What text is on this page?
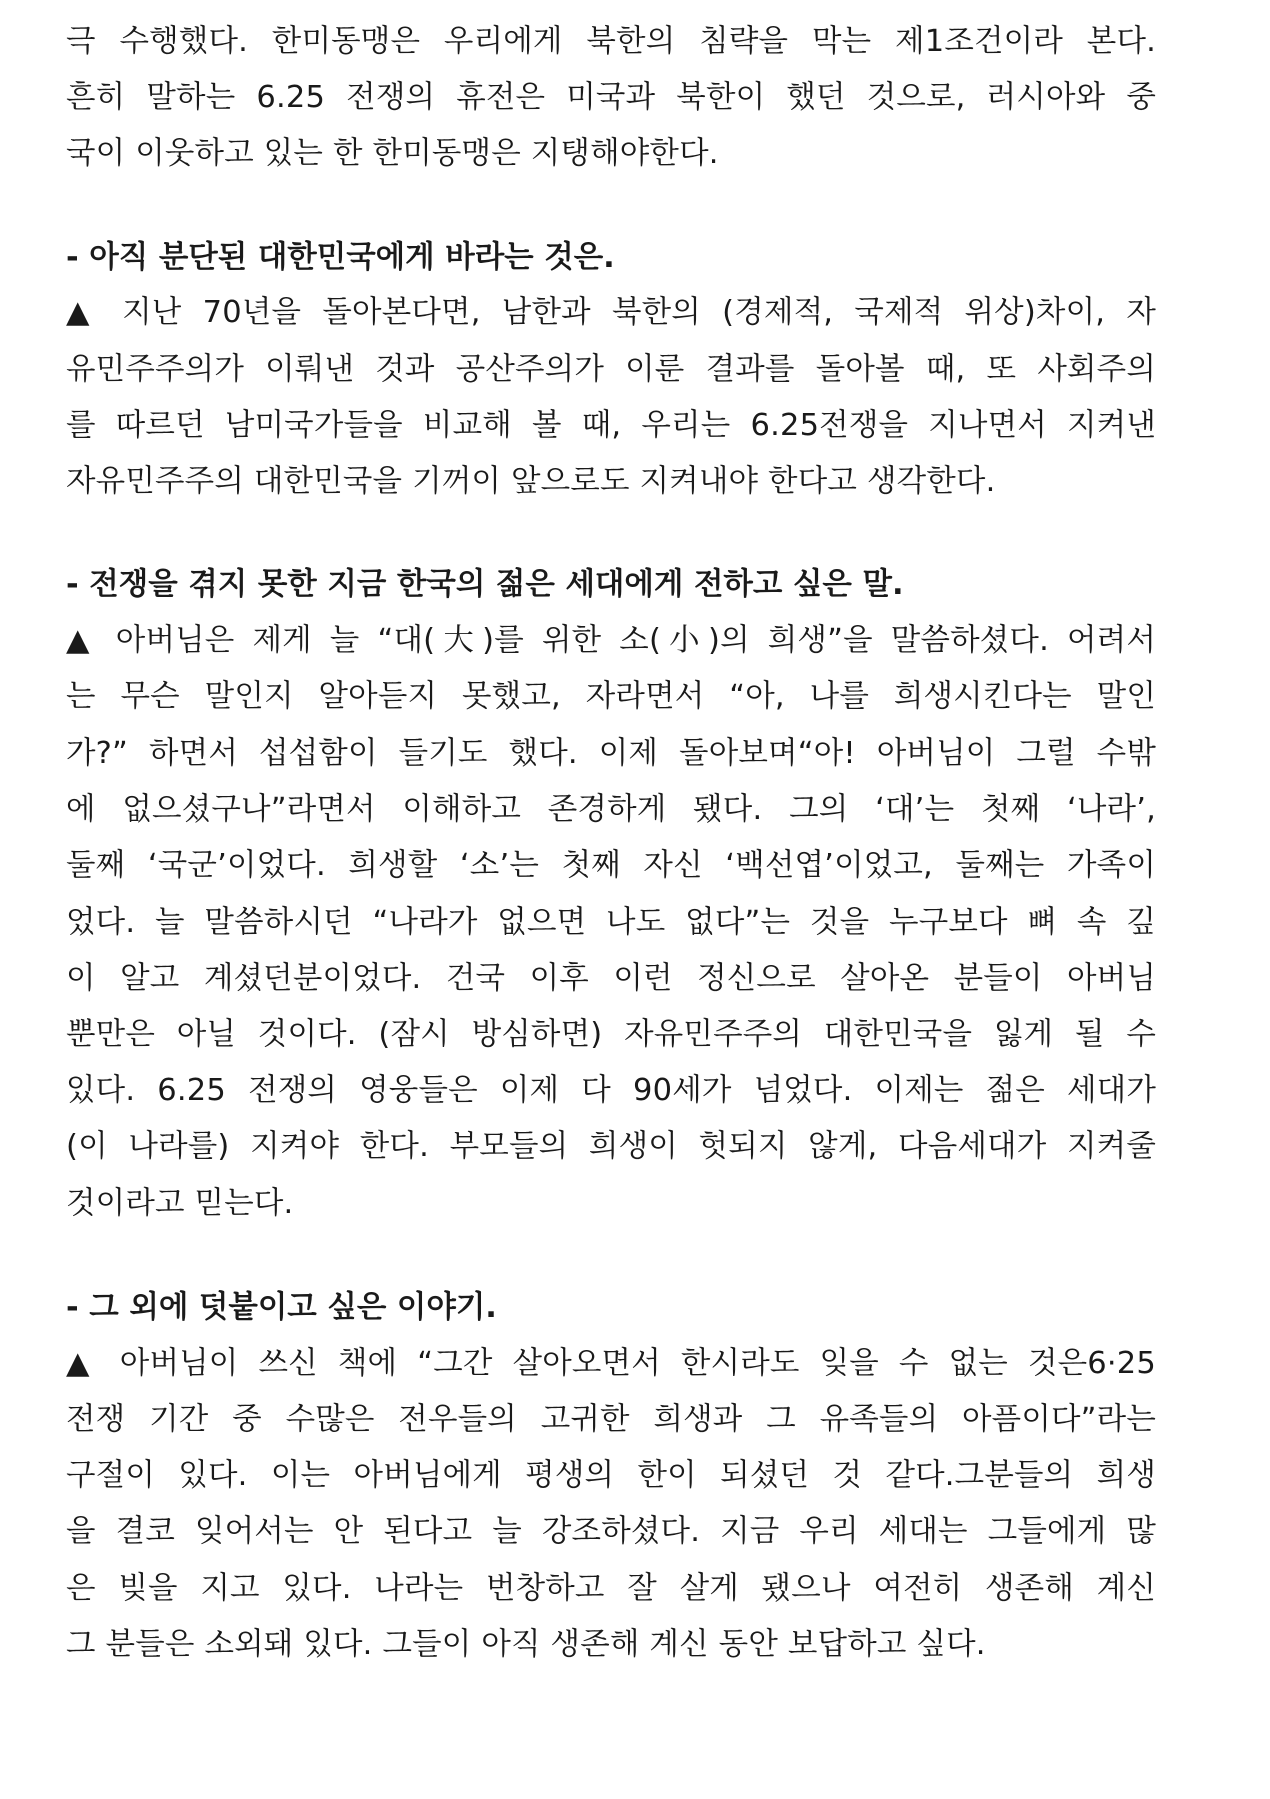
극 수행했다. 한미동맹은 우리에게 북한의 침략을 막는 제1조건이라 본다.
흔히 말하는 6.25 전쟁의 휴전은 미국과 북한이 했던 것으로, 러시아와 중
국이 이웃하고 있는 한 한미동맹은 지탱해야한다.
- 아직 분단된 대한민국에게 바라는 것은.
▲ 지난 70년을 돌아본다면, 남한과 북한의 (경제적, 국제적 위상)차이, 자
유민주주의가 이뤄낸 것과 공산주의가 이룬 결과를 돌아볼 때, 또 사회주의
를 따르던 남미국가들을 비교해 볼 때, 우리는 6.25전쟁을 지나면서 지켜낸
자유민주주의 대한민국을 기꺼이 앞으로도 지켜내야 한다고 생각한다.
- 전쟁을 겪지 못한 지금 한국의 젊은 세대에게 전하고 싶은 말.
▲ 아버님은 제게 늘 “대(大)를 위한 소(小)의 희생”을 말씀하셨다. 어려서
는 무슨 말인지 알아듣지 못했고, 자라면서 “아, 나를 희생시킨다는 말인
가?” 하면서 섭섭함이 들기도 했다. 이제 돌아보며“아! 아버님이 그럴 수밖
에 없으셨구나”라면서 이해하고 존경하게 됐다. 그의 ‘대’는 첫째 ‘나라’,
둘째 ‘국군’이었다. 희생할 ‘소’는 첫째 자신 ‘백선엽’이었고, 둘째는 가족이
었다. 늘 말씀하시던 “나라가 없으면 나도 없다”는 것을 누구보다 뼈 속 깊
이 알고 계셨던분이었다. 건국 이후 이런 정신으로 살아온 분들이 아버님
뿐만은 아닐 것이다. (잠시 방심하면) 자유민주주의 대한민국을 잃게 될 수
있다. 6.25 전쟁의 영웅들은 이제 다 90세가 넘었다. 이제는 젊은 세대가
(이 나라를) 지켜야 한다. 부모들의 희생이 헛되지 않게, 다음세대가 지켜줄
것이라고 믿는다.
- 그 외에 덧붙이고 싶은 이야기.
▲ 아버님이 쓰신 책에 “그간 살아오면서 한시라도 잊을 수 없는 것은6·25
전쟁 기간 중 수많은 전우들의 고귀한 희생과 그 유족들의 아픔이다”라는
구절이 있다. 이는 아버님에게 평생의 한이 되셨던 것 같다.그분들의 희생
을 결코 잊어서는 안 된다고 늘 강조하셨다. 지금 우리 세대는 그들에게 많
은 빚을 지고 있다. 나라는 번창하고 잘 살게 됐으나 여전히 생존해 계신
그 분들은 소외돼 있다. 그들이 아직 생존해 계신 동안 보답하고 싶다.
